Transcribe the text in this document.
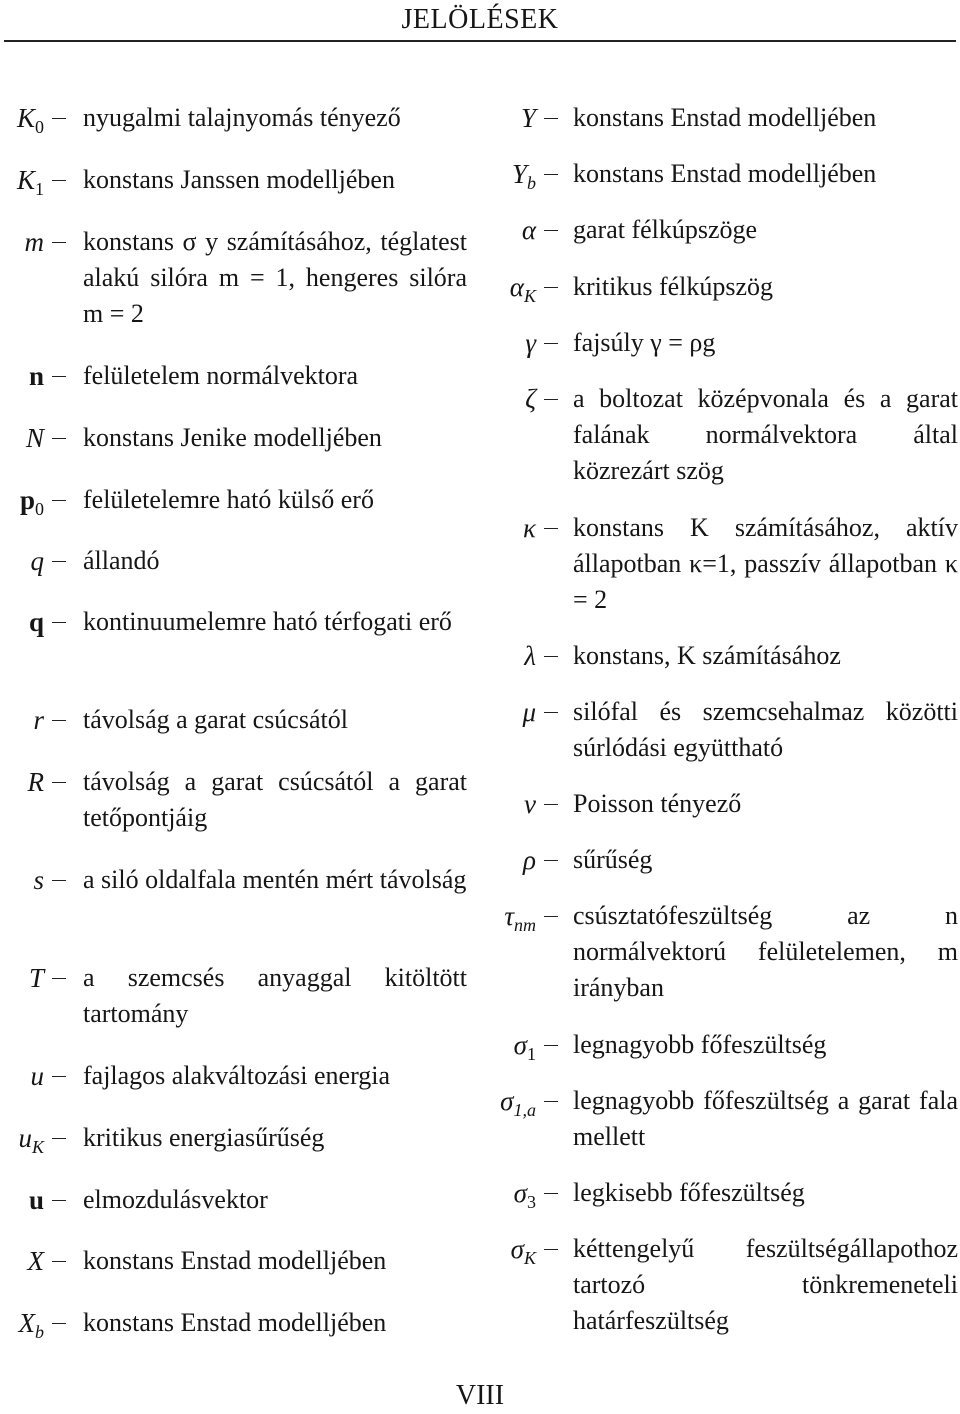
JELÖLÉSEK
$K_0$ nyugalmi talajnyomás tényező
$K_1$ konstans Janssen modelljében
m konstans σ y számításához, téglatest alakú silóra m = 1, hengeres silóra m = 2
n felületelem normálvektora
N konstans Jenike modelljében
$p_0$ felületelemre ható külső erő
q állandó
q kontinuumelemre ható térfogati erő
r távolság a garat csúcsától
R távolság a garat csúcsától a garat tetőpontjáig
s a siló oldalfala mentén mért távolság
T a szemcsés anyaggal kitöltött tartomány
u fajlagos alakváltozási energia
$u_K$ kritikus energiasűrűség
u elmozdulásvektor
X konstans Enstad modelljében
$X_b$ konstans Enstad modelljében
Y konstans Enstad modelljében
$Y_b$ konstans Enstad modelljében
α garat félkúpszöge
$\alpha_K$ kritikus félkúpszög
γ fajsúly γ = ρg
ζ a boltozat középvonala és a garat falának normálvektora által közrezárt szög
κ konstans K számításához, aktív állapotban κ=1, passzív állapotban κ = 2
λ konstans, K számításához
μ silófal és szemcsehalmaz közötti súrlódási együttható
ν Poisson tényező
ρ sűrűség
$\tau_{nm}$ csúsztatófeszültség az n normálvektorú felületelemen, m irányban
$\sigma_1$ legnagyobb főfeszültség
$\sigma_{1,a}$ legnagyobb főfeszültség a garat fala mellett
$\sigma_3$ legkisebb főfeszültség
$\sigma_K$ kéttengelyű feszültségállapothoz tartozó tönkremeneteli határfeszültség
VIII
